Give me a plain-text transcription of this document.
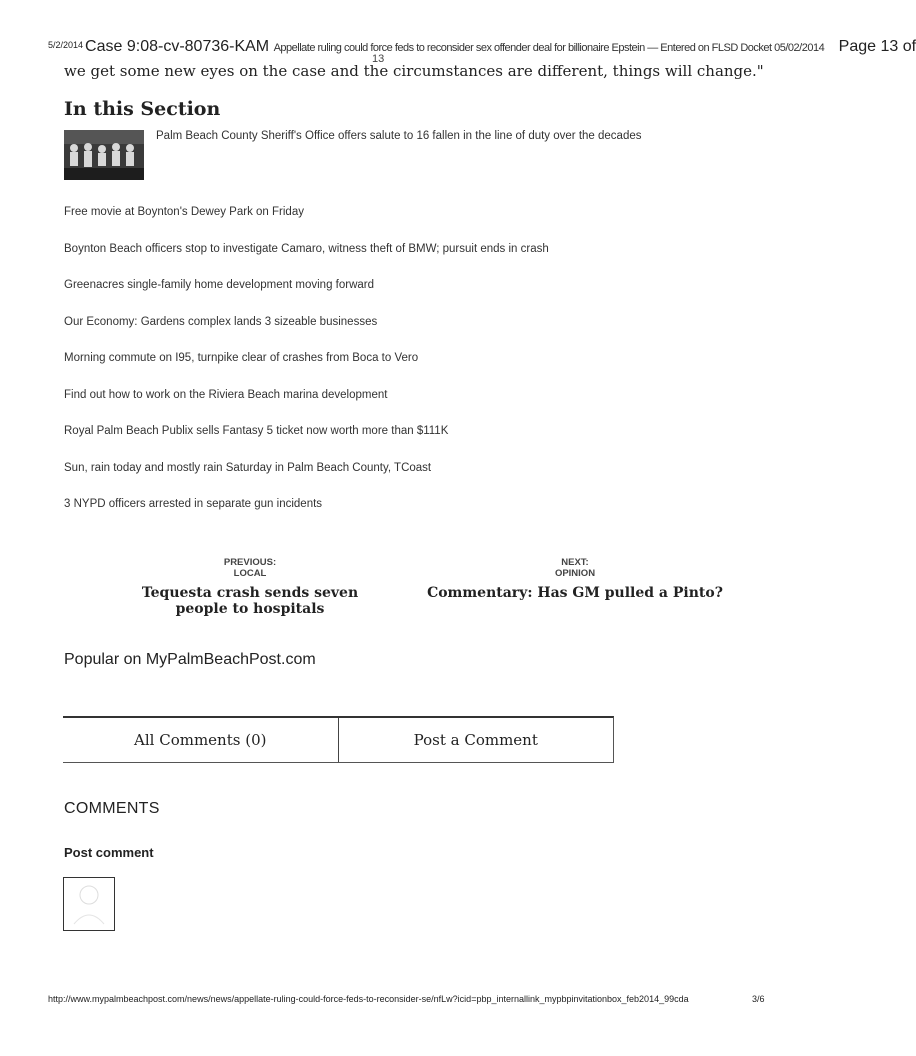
5/2/2014 Case 9:08-cv-80736-KAM Appellate ruling could force feds to reconsider sex offender deal for billionaire Epstein — Entered on FLSD Docket 05/02/2014 Page 13 of
13
we get some new eyes on the case and the circumstances are different, things will change."
In this Section
Palm Beach County Sheriff's Office offers salute to 16 fallen in the line of duty over the decades
Free movie at Boynton's Dewey Park on Friday
Boynton Beach officers stop to investigate Camaro, witness theft of BMW; pursuit ends in crash
Greenacres single-family home development moving forward
Our Economy: Gardens complex lands 3 sizeable businesses
Morning commute on I95, turnpike clear of crashes from Boca to Vero
Find out how to work on the Riviera Beach marina development
Royal Palm Beach Publix sells Fantasy 5 ticket now worth more than $111K
Sun, rain today and mostly rain Saturday in Palm Beach County, TCoast
3 NYPD officers arrested in separate gun incidents
PREVIOUS:
LOCAL
Tequesta crash sends seven people to hospitals
NEXT:
OPINION
Commentary: Has GM pulled a Pinto?
Popular on MyPalmBeachPost.com
All Comments (0)	Post a Comment
COMMENTS
Post comment
http://www.mypalmbeachpost.com/news/news/appellate-ruling-could-force-feds-to-reconsider-se/nfLw?icid=pbp_internallink_mypbpinvitationbox_feb2014_99cda	3/6
